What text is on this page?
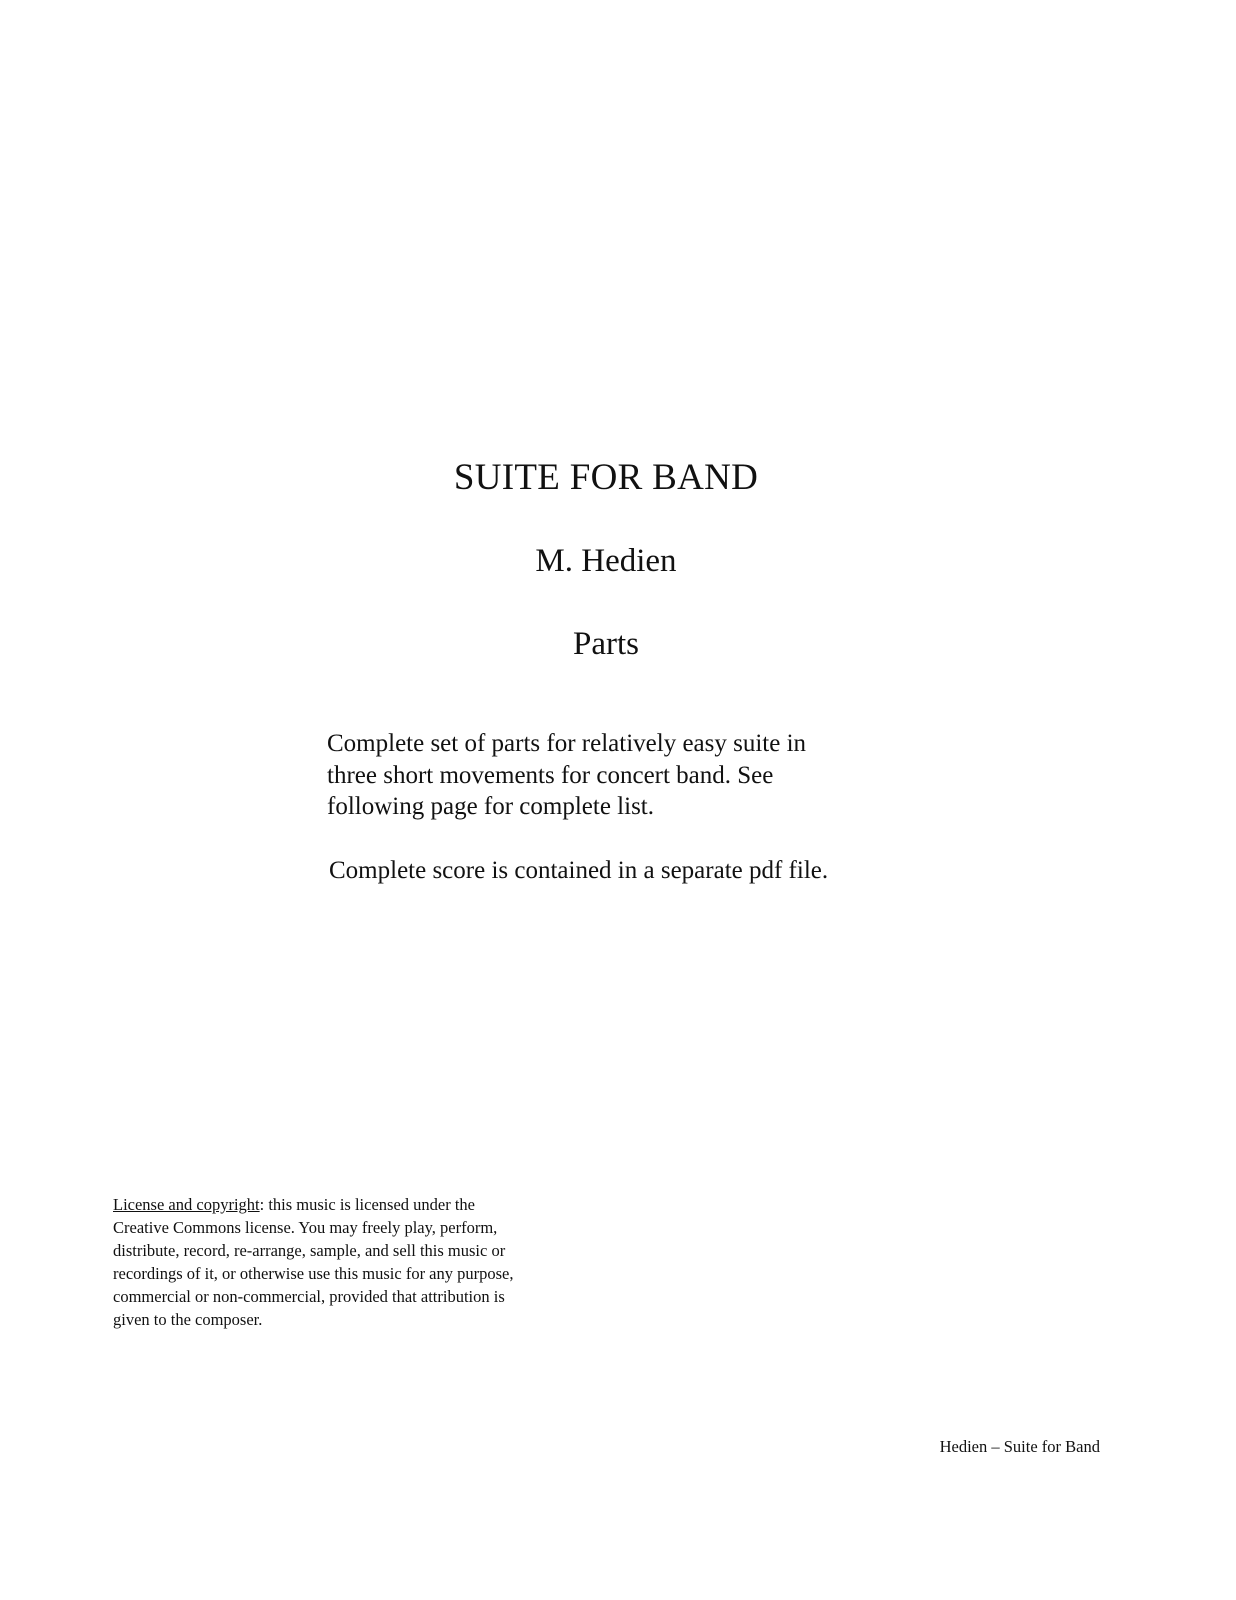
SUITE FOR BAND
M. Hedien
Parts

Complete set of parts for relatively easy suite in
three short movements for concert band. See
following page for complete list.

Complete score is contained in a separate pdf file.

License and copyright: this music is licensed under the
Creative Commons license. You may freely play, perform,
distribute, record, re-arrange, sample, and sell this music or
recordings of it, or otherwise use this music for any purpose,
commercial or non-commercial, provided that attribution is
given to the composer.

Hedien – Suite for Band
